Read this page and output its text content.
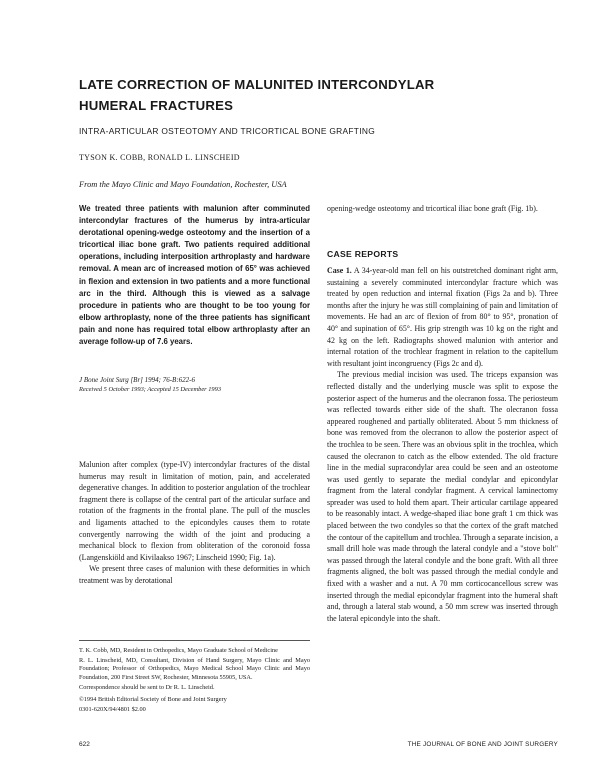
LATE CORRECTION OF MALUNITED INTERCONDYLAR
HUMERAL FRACTURES

INTRA-ARTICULAR OSTEOTOMY AND TRICORTICAL BONE GRAFTING

TYSON K. COBB, RONALD L. LINSCHEID
From the Mayo Clinic and Mayo Foundation, Rochester, USA

We treated three patients with malunion after comminuted intercondylar fractures of the humerus by intra-articular derotational opening-wedge osteotomy and the insertion of a tricortical iliac bone graft. Two patients required additional operations, including interposition arthroplasty and hardware removal. A mean arc of increased motion of 65° was achieved in flexion and extension in two patients and a more functional arc in the third. Although this is viewed as a salvage procedure in patients who are thought to be too young for elbow arthroplasty, none of the three patients has significant pain and none has required total elbow arthroplasty after an average follow-up of 7.6 years.

J Bone Joint Surg [Br] 1994; 76-B:622-6
Received 5 October 1993; Accepted 15 December 1993

Malunion after complex (type-IV) intercondylar fractures of the distal humerus may result in limitation of motion, pain, and accelerated degenerative changes. In addition to posterior angulation of the trochlear fragment there is collapse of the central part of the articular surface and rotation of the fragments in the frontal plane. The pull of the muscles and ligaments attached to the epicondyles causes them to rotate convergently narrowing the width of the joint and producing a mechanical block to flexion from obliteration of the coronoid fossa (Langenskiöld and Kivilaakso 1967; Linscheid 1990; Fig. 1a).

We present three cases of malunion with these deformities in which treatment was by derotational

T. K. Cobb, MD, Resident in Orthopedics, Mayo Graduate School of Medicine

R. L. Linscheid, MD, Consultant, Division of Hand Surgery, Mayo Clinic and Mayo Foundation; Professor of Orthopedics, Mayo Medical School Mayo Clinic and Mayo Foundation, 200 First Street SW, Rochester, Minnesota 55905, USA.

Correspondence should be sent to Dr R. L. Linscheid.

©1994 British Editorial Society of Bone and Joint Surgery

0301-620X/94/4801 $2.00

opening-wedge osteotomy and tricortical iliac bone graft (Fig. 1b).

CASE REPORTS

Case 1. A 34-year-old man fell on his outstretched dominant right arm, sustaining a severely comminuted intercondylar fracture which was treated by open reduction and internal fixation (Figs 2a and b). Three months after the injury he was still complaining of pain and limitation of movements. He had an arc of flexion of from 80° to 95°, pronation of 40° and supination of 65°. His grip strength was 10 kg on the right and 42 kg on the left. Radiographs showed malunion with anterior and internal rotation of the trochlear fragment in relation to the capitellum with resultant joint incongruency (Figs 2c and d).

The previous medial incision was used. The triceps expansion was reflected distally and the underlying muscle was split to expose the posterior aspect of the humerus and the olecranon fossa. The periosteum was reflected towards either side of the shaft. The olecranon fossa appeared roughened and partially obliterated. About 5 mm thickness of bone was removed from the olecranon to allow the posterior aspect of the trochlea to be seen. There was an obvious split in the trochlea, which caused the olecranon to catch as the elbow extended. The old fracture line in the medial supracondylar area could be seen and an osteotome was used gently to separate the medial condylar and epicondylar fragment from the lateral condylar fragment. A cervical laminectomy spreader was used to hold them apart. Their articular cartilage appeared to be reasonably intact. A wedge-shaped iliac bone graft 1 cm thick was placed between the two condyles so that the cortex of the graft matched the contour of the capitellum and trochlea. Through a separate incision, a small drill hole was made through the lateral condyle and a "stove bolt" was passed through the lateral condyle and the bone graft. With all three fragments aligned, the bolt was passed through the medial condyle and fixed with a washer and a nut. A 70 mm corticocancellous screw was inserted through the medial epicondylar fragment into the humeral shaft and, through a lateral stab wound, a 50 mm screw was inserted through the lateral epicondyle into the shaft.

622	THE JOURNAL OF BONE AND JOINT SURGERY
